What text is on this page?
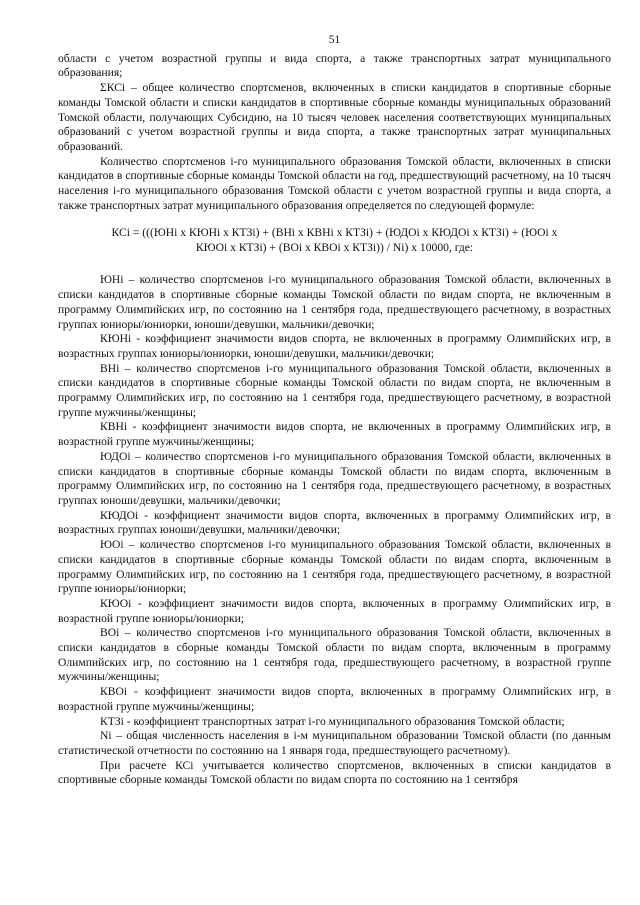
51

области с учетом возрастной группы и вида спорта, а также транспортных затрат муниципального образования;

ΣКСi – общее количество спортсменов, включенных в списки кандидатов в спортивные сборные команды Томской области и списки кандидатов в спортивные сборные команды муниципальных образований Томской области, получающих Субсидию, на 10 тысяч человек населения соответствующих муниципальных образований с учетом возрастной группы и вида спорта, а также транспортных затрат муниципальных образований.

Количество спортсменов i-го муниципального образования Томской области, включенных в списки кандидатов в спортивные сборные команды Томской области на год, предшествующий расчетному, на 10 тысяч населения i-го муниципального образования Томской области с учетом возрастной группы и вида спорта, а также транспортных затрат муниципального образования определяется по следующей формуле:

КСi = (((ЮНi х КЮНi х КТЗi) + (ВНi х КВНi х КТЗi) + (ЮДОi х КЮДОi х КТЗi) + (ЮОi х
КЮОi х КТЗi) + (ВОi х КВОi х КТЗi)) / Ni) х 10000, где:

ЮНi – количество спортсменов i-го муниципального образования Томской области, включенных в списки кандидатов в спортивные сборные команды Томской области по видам спорта, не включенным в программу Олимпийских игр, по состоянию на 1 сентября года, предшествующего расчетному, в возрастных группах юниоры/юниорки, юноши/девушки, мальчики/девочки;

КЮНi - коэффициент значимости видов спорта, не включенных в программу Олимпийских игр, в возрастных группах юниоры/юниорки, юноши/девушки, мальчики/девочки;

ВНi – количество спортсменов i-го муниципального образования Томской области, включенных в списки кандидатов в спортивные сборные команды Томской области по видам спорта, не включенным в программу Олимпийских игр, по состоянию на 1 сентября года, предшествующего расчетному, в возрастной группе мужчины/женщины;

КВНi - коэффициент значимости видов спорта, не включенных в программу Олимпийских игр, в возрастной группе мужчины/женщины;

ЮДОi – количество спортсменов i-го муниципального образования Томской области, включенных в списки кандидатов в спортивные сборные команды Томской области по видам спорта, включенным в программу Олимпийских игр, по состоянию на 1 сентября года, предшествующего расчетному, в возрастных группах юноши/девушки, мальчики/девочки;

КЮДОi - коэффициент значимости видов спорта, включенных в программу Олимпийских игр, в возрастных группах юноши/девушки, мальчики/девочки;

ЮОi – количество спортсменов i-го муниципального образования Томской области, включенных в списки кандидатов в спортивные сборные команды Томской области по видам спорта, включенным в программу Олимпийских игр, по состоянию на 1 сентября года, предшествующего расчетному, в возрастной группе юниоры/юниорки;

КЮОi - коэффициент значимости видов спорта, включенных в программу Олимпийских игр, в возрастной группе юниоры/юниорки;

ВОi – количество спортсменов i-го муниципального образования Томской области, включенных в списки кандидатов в сборные команды Томской области по видам спорта, включенным в программу Олимпийских игр, по состоянию на 1 сентября года, предшествующего расчетному, в возрастной группе мужчины/женщины;

КВОi - коэффициент значимости видов спорта, включенных в программу Олимпийских игр, в возрастной группе мужчины/женщины;

КТЗi - коэффициент транспортных затрат i-го муниципального образования Томской области;

Ni – общая численность населения в i-м муниципальном образовании Томской области (по данным статистической отчетности по состоянию на 1 января года, предшествующего расчетному).

При расчете КСi учитывается количество спортсменов, включенных в списки кандидатов в спортивные сборные команды Томской области по видам спорта по состоянию на 1 сентября
